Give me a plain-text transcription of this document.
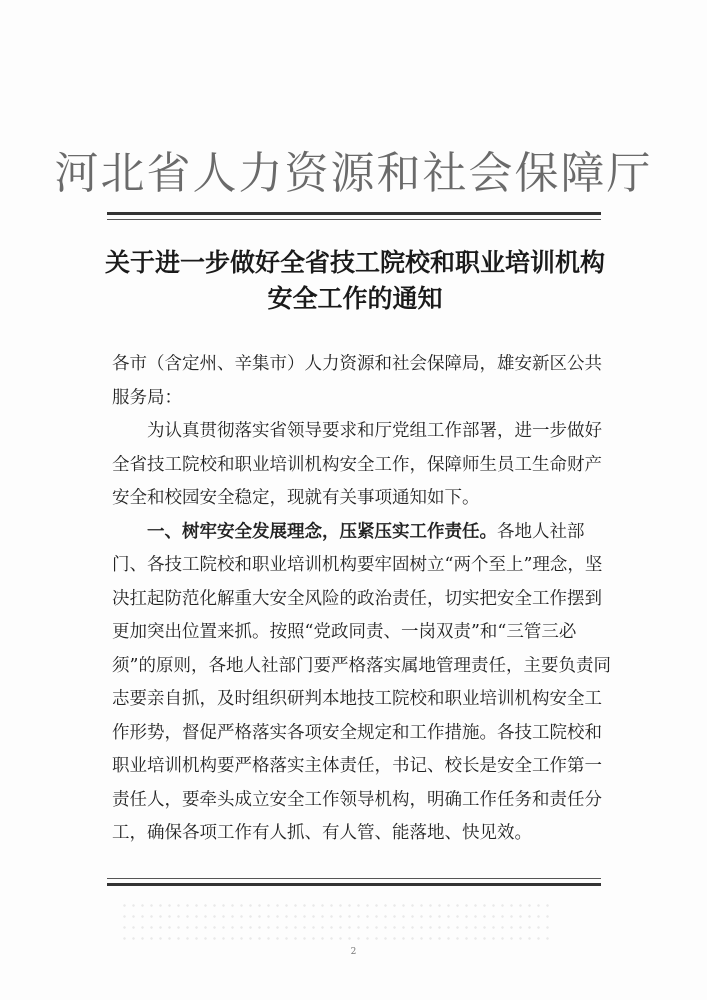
河北省人力资源和社会保障厅
关于进一步做好全省技工院校和职业培训机构
安全工作的通知

各市（含定州、辛集市）人力资源和社会保障局，雄安新区公共服务局：

为认真贯彻落实省领导要求和厅党组工作部署，进一步做好全省技工院校和职业培训机构安全工作，保障师生员工生命财产安全和校园安全稳定，现就有关事项通知如下。

一、树牢安全发展理念，压紧压实工作责任。各地人社部门、各技工院校和职业培训机构要牢固树立“两个至上”理念，坚决扛起防范化解重大安全风险的政治责任，切实把安全工作摆到更加突出位置来抓。按照“党政同责、一岗双责”和“三管三必须”的原则，各地人社部门要严格落实属地管理责任，主要负责同志要亲自抓，及时组织研判本地技工院校和职业培训机构安全工作形势，督促严格落实各项安全规定和工作措施。各技工院校和职业培训机构要严格落实主体责任，书记、校长是安全工作第一责任人，要牵头成立安全工作领导机构，明确工作任务和责任分工，确保各项工作有人抓、有人管、能落地、快见效。

2
